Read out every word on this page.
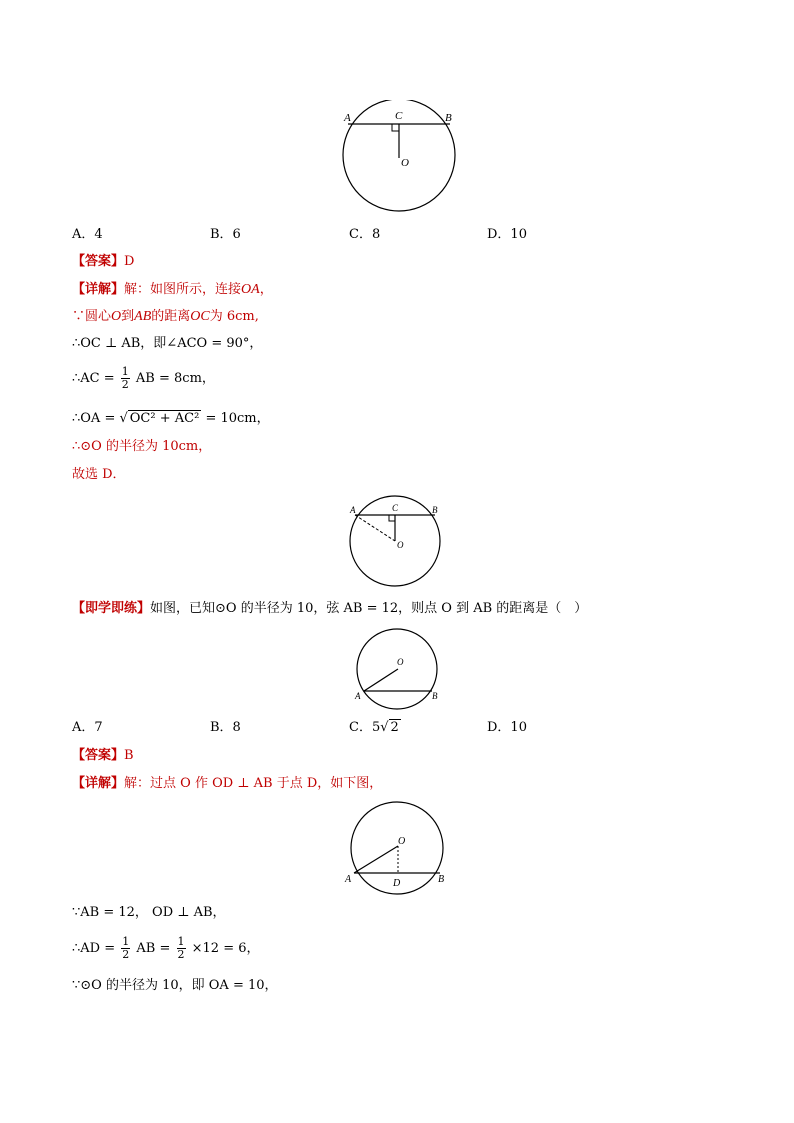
A	C	B
O
A．4	B．6	C．8	D．10
【答案】D
【详解】解：如图所示，连接OA，
∵圆心O到AB的距离OC为 6cm,
∴OC ⊥ AB，即∠ACO = 90°，
∴AC = $\frac{1}{2}$ AB = 8cm，
∴OA = √ OC² + AC² = 10cm，
∴⊙O 的半径为 10cm，
故选 D．
A	C	B
O
【即学即练】如图，已知⊙O 的半径为 10，弦 AB = 12，则点 O 到 AB 的距离是（　）
O
A	B
A．7	B．8	C．5√ 2	D．10
【答案】B
【详解】解：过点 O 作 OD ⊥ AB 于点 D，如下图，
O
A	D	B
∵AB = 12， OD ⊥ AB，
∴AD = $\frac{1}{2}$ AB = $\frac{1}{2} \times 12 = 6$，
∵⊙O 的半径为 10，即 OA = 10，
